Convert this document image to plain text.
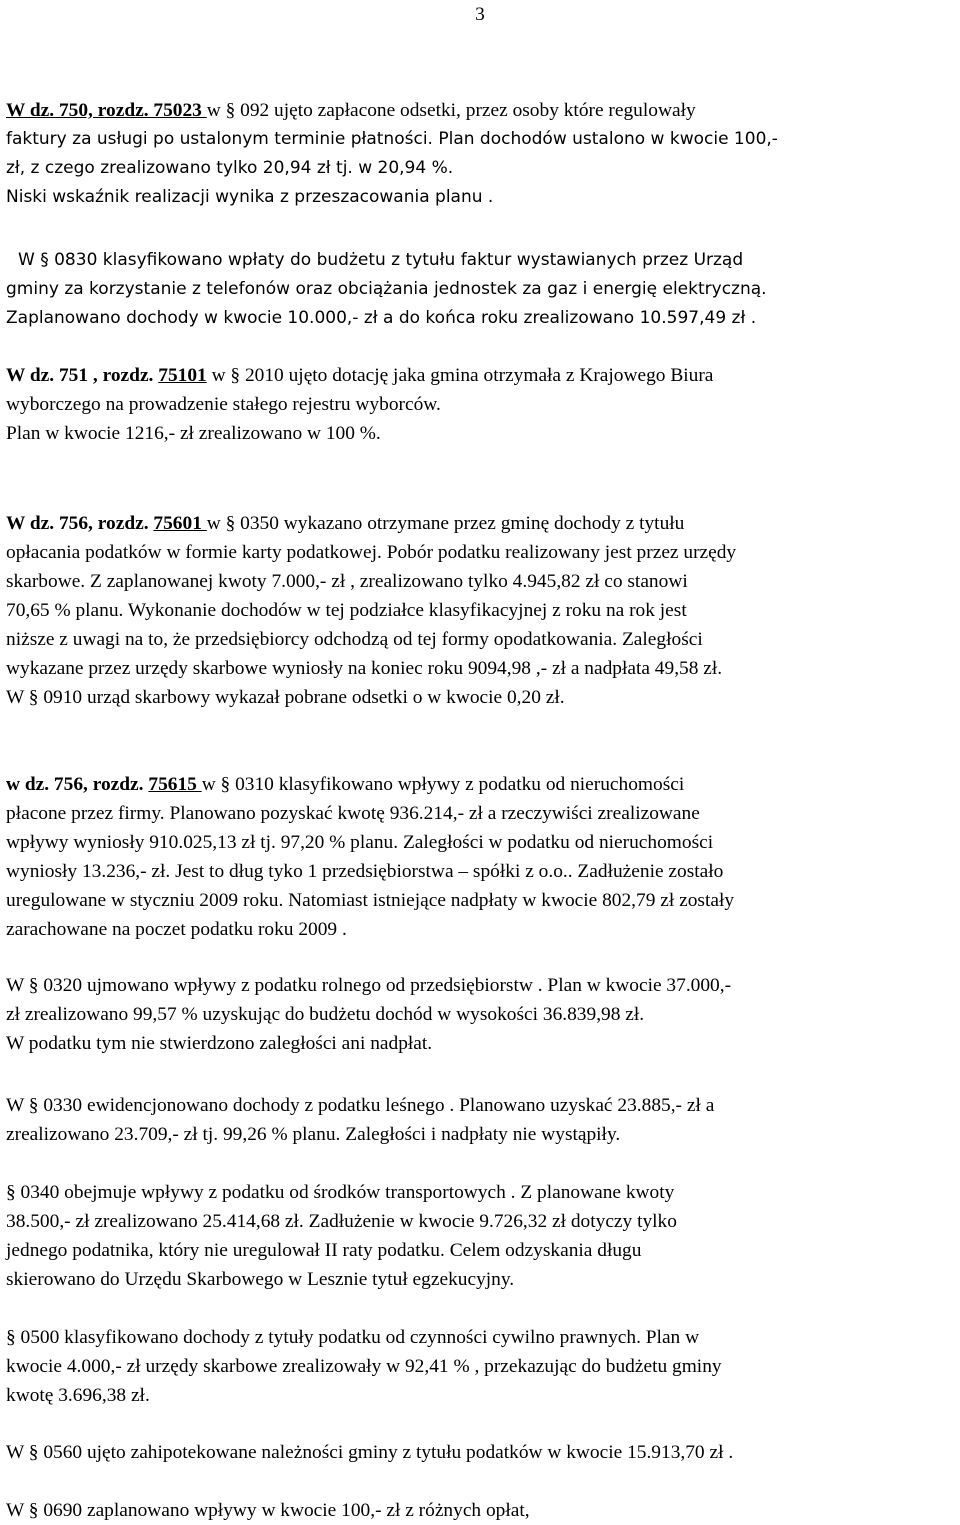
3
W dz. 750, rozdz. 75023 w § 092 ujęto zapłacone odsetki, przez osoby które regulowały
faktury za usługi po ustalonym terminie płatności. Plan dochodów ustalono w kwocie 100,-
zł, z czego zrealizowano tylko 20,94 zł tj. w 20,94 %.
Niski wskaźnik realizacji wynika z przeszacowania planu .
W § 0830 klasyfikowano wpłaty do budżetu z tytułu faktur wystawianych przez Urząd
gminy za korzystanie z telefonów oraz obciążania jednostek za gaz i energię elektryczną.
Zaplanowano dochody w kwocie 10.000,- zł a do końca roku zrealizowano 10.597,49 zł .
W dz. 751 , rozdz. 75101 w § 2010 ujęto dotację jaka gmina otrzymała z Krajowego Biura
wyborczego na prowadzenie stałego rejestru wyborców.
Plan w kwocie 1216,- zł zrealizowano w 100 %.
W dz. 756, rozdz. 75601 w § 0350 wykazano otrzymane przez gminę dochody z tytułu
opłacania podatków w formie karty podatkowej. Pobór podatku realizowany jest przez urzędy
skarbowe. Z zaplanowanej kwoty 7.000,- zł , zrealizowano tylko 4.945,82 zł co stanowi
70,65 % planu. Wykonanie dochodów w tej podziałce klasyfikacyjnej z roku na rok jest
niższe z uwagi na to, że przedsiębiorcy odchodzą od tej formy opodatkowania. Zaległości
wykazane przez urzędy skarbowe wyniosły na koniec roku 9094,98 ,- zł a nadpłata 49,58 zł.
W § 0910 urząd skarbowy wykazał pobrane odsetki o w kwocie 0,20 zł.
w dz. 756, rozdz. 75615 w § 0310 klasyfikowano wpływy z podatku od nieruchomości
płacone przez firmy. Planowano pozyskać kwotę 936.214,- zł a rzeczywiści zrealizowane
wpływy wyniosły 910.025,13 zł tj. 97,20 % planu. Zaległości w podatku od nieruchomości
wyniosły 13.236,- zł. Jest to dług tyko 1 przedsiębiorstwa – spółki z o.o.. Zadłużenie zostało
uregulowane w styczniu 2009 roku. Natomiast istniejące nadpłaty w kwocie 802,79 zł zostały
zarachowane na poczet podatku roku 2009 .
W § 0320 ujmowano wpływy z podatku rolnego od przedsiębiorstw . Plan w kwocie 37.000,-
zł zrealizowano 99,57 % uzyskując do budżetu dochód w wysokości 36.839,98 zł.
W podatku tym nie stwierdzono zaległości ani nadpłat.
W § 0330 ewidencjonowano dochody z podatku leśnego . Planowano uzyskać 23.885,- zł a
zrealizowano 23.709,- zł tj. 99,26 % planu. Zaległości i nadpłaty nie wystąpiły.
§ 0340 obejmuje wpływy z podatku od środków transportowych . Z planowane kwoty
38.500,- zł zrealizowano 25.414,68 zł. Zadłużenie w kwocie 9.726,32 zł dotyczy tylko
jednego podatnika, który nie uregulował II raty podatku. Celem odzyskania długu
skierowano do Urzędu Skarbowego w Lesznie tytuł egzekucyjny.
§ 0500 klasyfikowano dochody z tytuły podatku od czynności cywilno prawnych. Plan w
kwocie 4.000,- zł urzędy skarbowe zrealizowały w 92,41 % , przekazując do budżetu gminy
kwotę 3.696,38 zł.
W § 0560 ujęto zahipotekowane należności gminy z tytułu podatków w kwocie 15.913,70 zł .
W § 0690 zaplanowano wpływy w kwocie 100,- zł z różnych opłat,
